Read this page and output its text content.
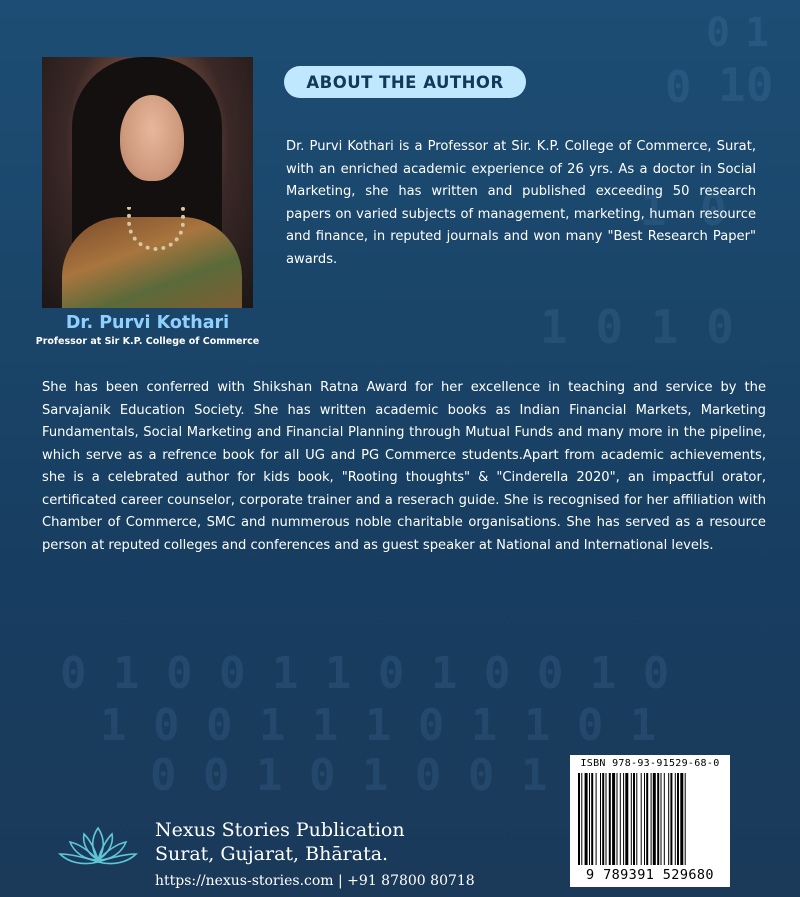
0 1
0 10
1 0
1 0 1 0
0 1 0 0 1 1 0 1 0 0 1 0
1 0 0 1 1 1 0 1 1 0 1
0 0 1 0 1 0 0 1
Dr. Purvi Kothari
Professor at Sir K.P. College of Commerce
ABOUT THE AUTHOR
Dr. Purvi Kothari is a Professor at Sir. K.P. College of Commerce, Surat, with an enriched academic experience of 26 yrs. As a doctor in Social Marketing, she has written and published exceeding 50 research papers on varied subjects of management, marketing, human resource and finance, in reputed journals and won many "Best Research Paper" awards.
She has been conferred with Shikshan Ratna Award for her excellence in teaching and service by the Sarvajanik Education Society. She has written academic books as Indian Financial Markets, Marketing Fundamentals, Social Marketing and Financial Planning through Mutual Funds and many more in the pipeline, which serve as a refrence book for all UG and PG Commerce students.Apart from academic achievements, she is a celebrated author for kids book, "Rooting thoughts" & "Cinderella 2020", an impactful orator, certificated career counselor, corporate trainer and a reserach guide. She is recognised for her affiliation with Chamber of Commerce, SMC and nummerous noble charitable organisations. She has served as a resource person at reputed colleges and conferences and as guest speaker at National and International levels.
Nexus Stories Publication
Surat, Gujarat, Bhārata.
https://nexus-stories.com | +91 87800 80718
ISBN 978-93-91529-68-0
9 789391 529680
